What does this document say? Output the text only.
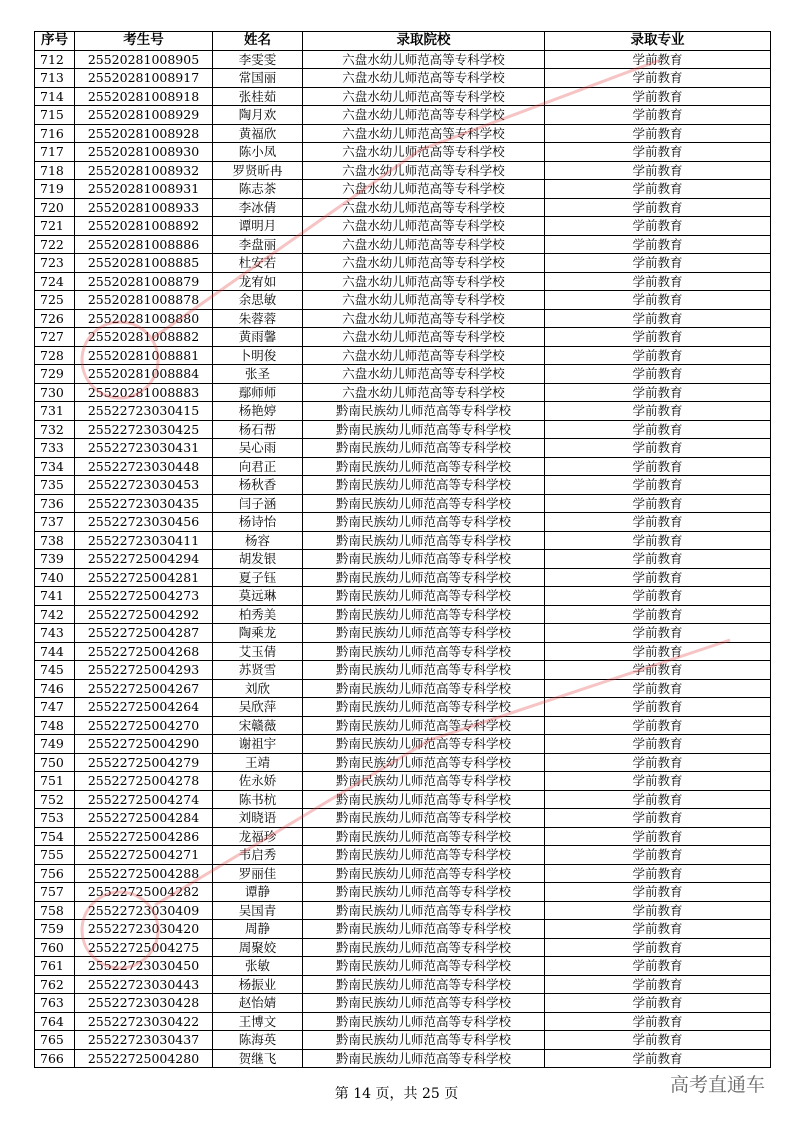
序号	考生号	姓名	录取院校	录取专业
712	25520281008905	李雯雯	六盘水幼儿师范高等专科学校	学前教育
713	25520281008917	常国丽	六盘水幼儿师范高等专科学校	学前教育
714	25520281008918	张桂茹	六盘水幼儿师范高等专科学校	学前教育
715	25520281008929	陶月欢	六盘水幼儿师范高等专科学校	学前教育
716	25520281008928	黄福欣	六盘水幼儿师范高等专科学校	学前教育
717	25520281008930	陈小凤	六盘水幼儿师范高等专科学校	学前教育
718	25520281008932	罗贤昕冉	六盘水幼儿师范高等专科学校	学前教育
719	25520281008931	陈志茶	六盘水幼儿师范高等专科学校	学前教育
720	25520281008933	李冰倩	六盘水幼儿师范高等专科学校	学前教育
721	25520281008892	谭明月	六盘水幼儿师范高等专科学校	学前教育
722	25520281008886	李盘丽	六盘水幼儿师范高等专科学校	学前教育
723	25520281008885	杜安若	六盘水幼儿师范高等专科学校	学前教育
724	25520281008879	龙宥如	六盘水幼儿师范高等专科学校	学前教育
725	25520281008878	余思敏	六盘水幼儿师范高等专科学校	学前教育
726	25520281008880	朱蓉蓉	六盘水幼儿师范高等专科学校	学前教育
727	25520281008882	黄雨馨	六盘水幼儿师范高等专科学校	学前教育
728	25520281008881	卜明俊	六盘水幼儿师范高等专科学校	学前教育
729	25520281008884	张圣	六盘水幼儿师范高等专科学校	学前教育
730	25520281008883	鄢师师	六盘水幼儿师范高等专科学校	学前教育
731	25522723030415	杨艳婷	黔南民族幼儿师范高等专科学校	学前教育
732	25522723030425	杨石帮	黔南民族幼儿师范高等专科学校	学前教育
733	25522723030431	吴心雨	黔南民族幼儿师范高等专科学校	学前教育
734	25522723030448	向君正	黔南民族幼儿师范高等专科学校	学前教育
735	25522723030453	杨秋香	黔南民族幼儿师范高等专科学校	学前教育
736	25522723030435	闫子涵	黔南民族幼儿师范高等专科学校	学前教育
737	25522723030456	杨诗怡	黔南民族幼儿师范高等专科学校	学前教育
738	25522723030411	杨容	黔南民族幼儿师范高等专科学校	学前教育
739	25522725004294	胡发银	黔南民族幼儿师范高等专科学校	学前教育
740	25522725004281	夏子钰	黔南民族幼儿师范高等专科学校	学前教育
741	25522725004273	莫远琳	黔南民族幼儿师范高等专科学校	学前教育
742	25522725004292	柏秀美	黔南民族幼儿师范高等专科学校	学前教育
743	25522725004287	陶乘龙	黔南民族幼儿师范高等专科学校	学前教育
744	25522725004268	艾玉倩	黔南民族幼儿师范高等专科学校	学前教育
745	25522725004293	苏贤雪	黔南民族幼儿师范高等专科学校	学前教育
746	25522725004267	刘欣	黔南民族幼儿师范高等专科学校	学前教育
747	25522725004264	吴欣萍	黔南民族幼儿师范高等专科学校	学前教育
748	25522725004270	宋赣薇	黔南民族幼儿师范高等专科学校	学前教育
749	25522725004290	谢祖宇	黔南民族幼儿师范高等专科学校	学前教育
750	25522725004279	王靖	黔南民族幼儿师范高等专科学校	学前教育
751	25522725004278	佐永娇	黔南民族幼儿师范高等专科学校	学前教育
752	25522725004274	陈书杭	黔南民族幼儿师范高等专科学校	学前教育
753	25522725004284	刘晓语	黔南民族幼儿师范高等专科学校	学前教育
754	25522725004286	龙福珍	黔南民族幼儿师范高等专科学校	学前教育
755	25522725004271	韦启秀	黔南民族幼儿师范高等专科学校	学前教育
756	25522725004288	罗丽佳	黔南民族幼儿师范高等专科学校	学前教育
757	25522725004282	谭静	黔南民族幼儿师范高等专科学校	学前教育
758	25522723030409	吴国青	黔南民族幼儿师范高等专科学校	学前教育
759	25522723030420	周静	黔南民族幼儿师范高等专科学校	学前教育
760	25522725004275	周聚姣	黔南民族幼儿师范高等专科学校	学前教育
761	25522723030450	张敏	黔南民族幼儿师范高等专科学校	学前教育
762	25522723030443	杨振业	黔南民族幼儿师范高等专科学校	学前教育
763	25522723030428	赵怡婧	黔南民族幼儿师范高等专科学校	学前教育
764	25522723030422	王博文	黔南民族幼儿师范高等专科学校	学前教育
765	25522723030437	陈海英	黔南民族幼儿师范高等专科学校	学前教育
766	25522725004280	贺继飞	黔南民族幼儿师范高等专科学校	学前教育
第 14 页，共 25 页	高考直通车
